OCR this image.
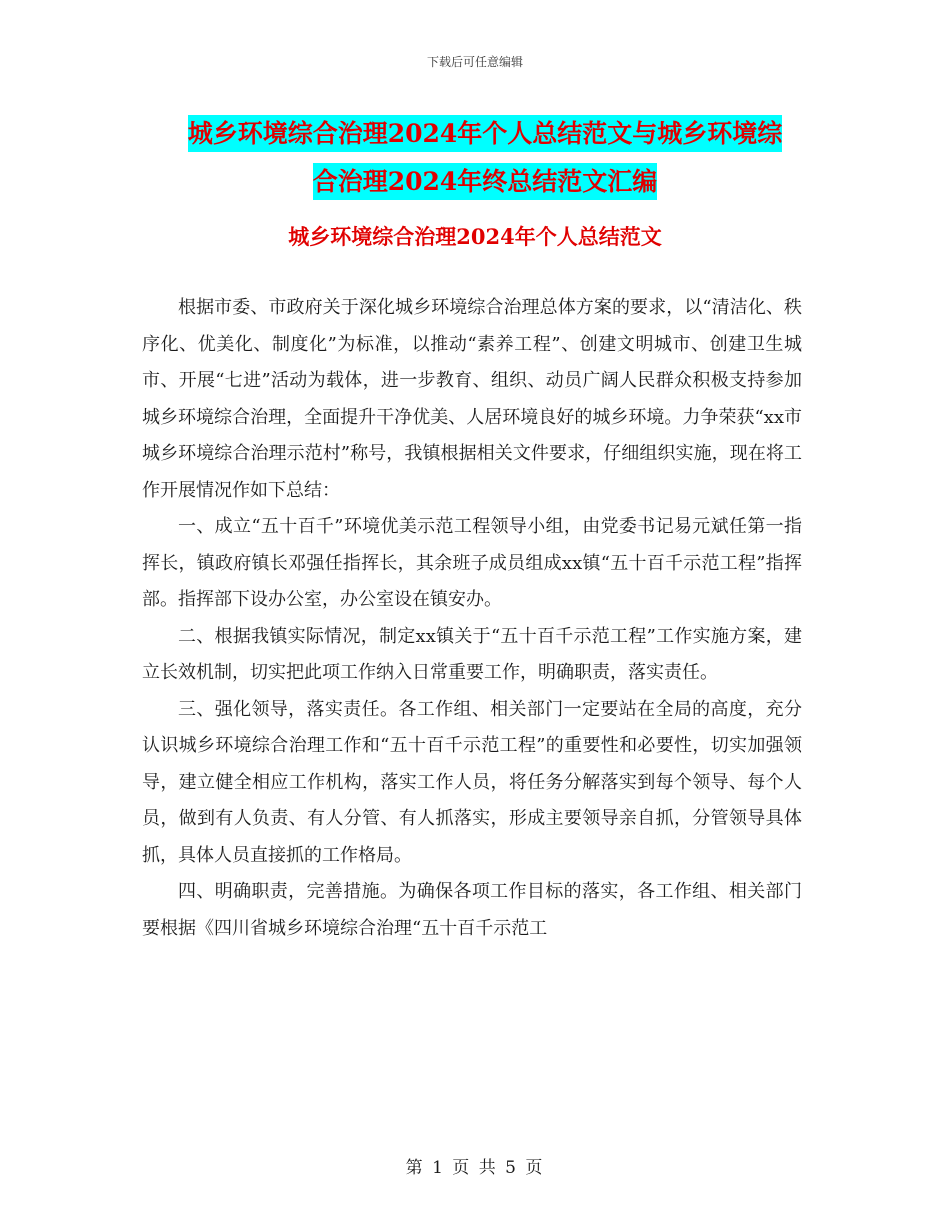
下载后可任意编辑
城乡环境综合治理2024年个人总结范文与城乡环境综
合治理2024年终总结范文汇编
城乡环境综合治理2024年个人总结范文

根据市委、市政府关于深化城乡环境综合治理总体方案的要求，以“清洁化、秩序化、优美化、制度化”为标准，以推动“素养工程”、创建文明城市、创建卫生城市、开展“七进”活动为载体，进一步教育、组织、动员广阔人民群众积极支持参加城乡环境综合治理，全面提升干净优美、人居环境良好的城乡环境。力争荣获“xx市城乡环境综合治理示范村”称号，我镇根据相关文件要求，仔细组织实施，现在将工作开展情况作如下总结：

一、成立“五十百千”环境优美示范工程领导小组，由党委书记易元斌任第一指挥长，镇政府镇长邓强任指挥长，其余班子成员组成xx镇“五十百千示范工程”指挥部。指挥部下设办公室，办公室设在镇安办。

二、根据我镇实际情况，制定xx镇关于“五十百千示范工程”工作实施方案，建立长效机制，切实把此项工作纳入日常重要工作，明确职责，落实责任。

三、强化领导，落实责任。各工作组、相关部门一定要站在全局的高度，充分认识城乡环境综合治理工作和“五十百千示范工程”的重要性和必要性，切实加强领导，建立健全相应工作机构，落实工作人员，将任务分解落实到每个领导、每个人员，做到有人负责、有人分管、有人抓落实，形成主要领导亲自抓，分管领导具体抓，具体人员直接抓的工作格局。

四、明确职责，完善措施。为确保各项工作目标的落实，各工作组、相关部门要根据《四川省城乡环境综合治理“五十百千示范工

第 1 页 共 5 页
